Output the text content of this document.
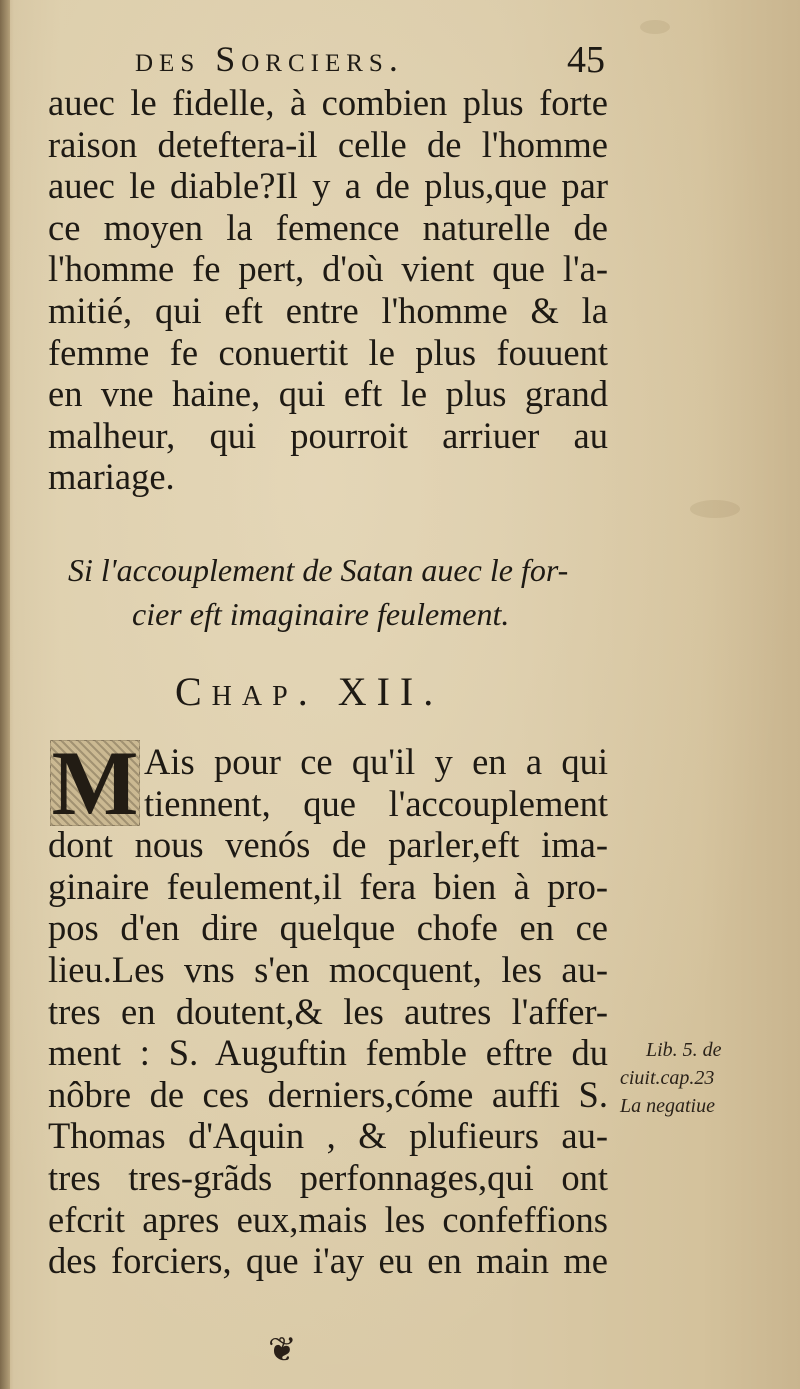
des Sorciers.	45
auec le fidelle, à combien plus forte
raison deteftera-il celle de l'homme
auec le diable?Il y a de plus,que par
ce moyen la femence naturelle de
l'homme fe pert, d'où vient que l'a-
mitié, qui eft entre l'homme & la
femme fe conuertit le plus fouuent
en vne haine, qui eft le plus grand
malheur, qui pourroit arriuer au
mariage.
Si l'accouplement de Satan auec le for-
cier eft imaginaire feulement.
Chap. XII.
M Ais pour ce qu'il y en a qui
tiennent, que l'accouplement
dont nous venós de parler,eft ima-
ginaire feulement,il fera bien à pro-
pos d'en dire quelque chofe en ce
lieu.Les vns s'en mocquent, les au-
tres en doutent,& les autres l'affer-
ment : S. Auguftin femble eftre du
nôbre de ces derniers,cóme auffi S.
Thomas d'Aquin , & plufieurs au-
tres tres-grãds perfonnages,qui ont
efcrit apres eux,mais les confeffions
des forciers, que i'ay eu en main me
Lib. 5. de
ciuit.cap.23
La negatiue
❦
